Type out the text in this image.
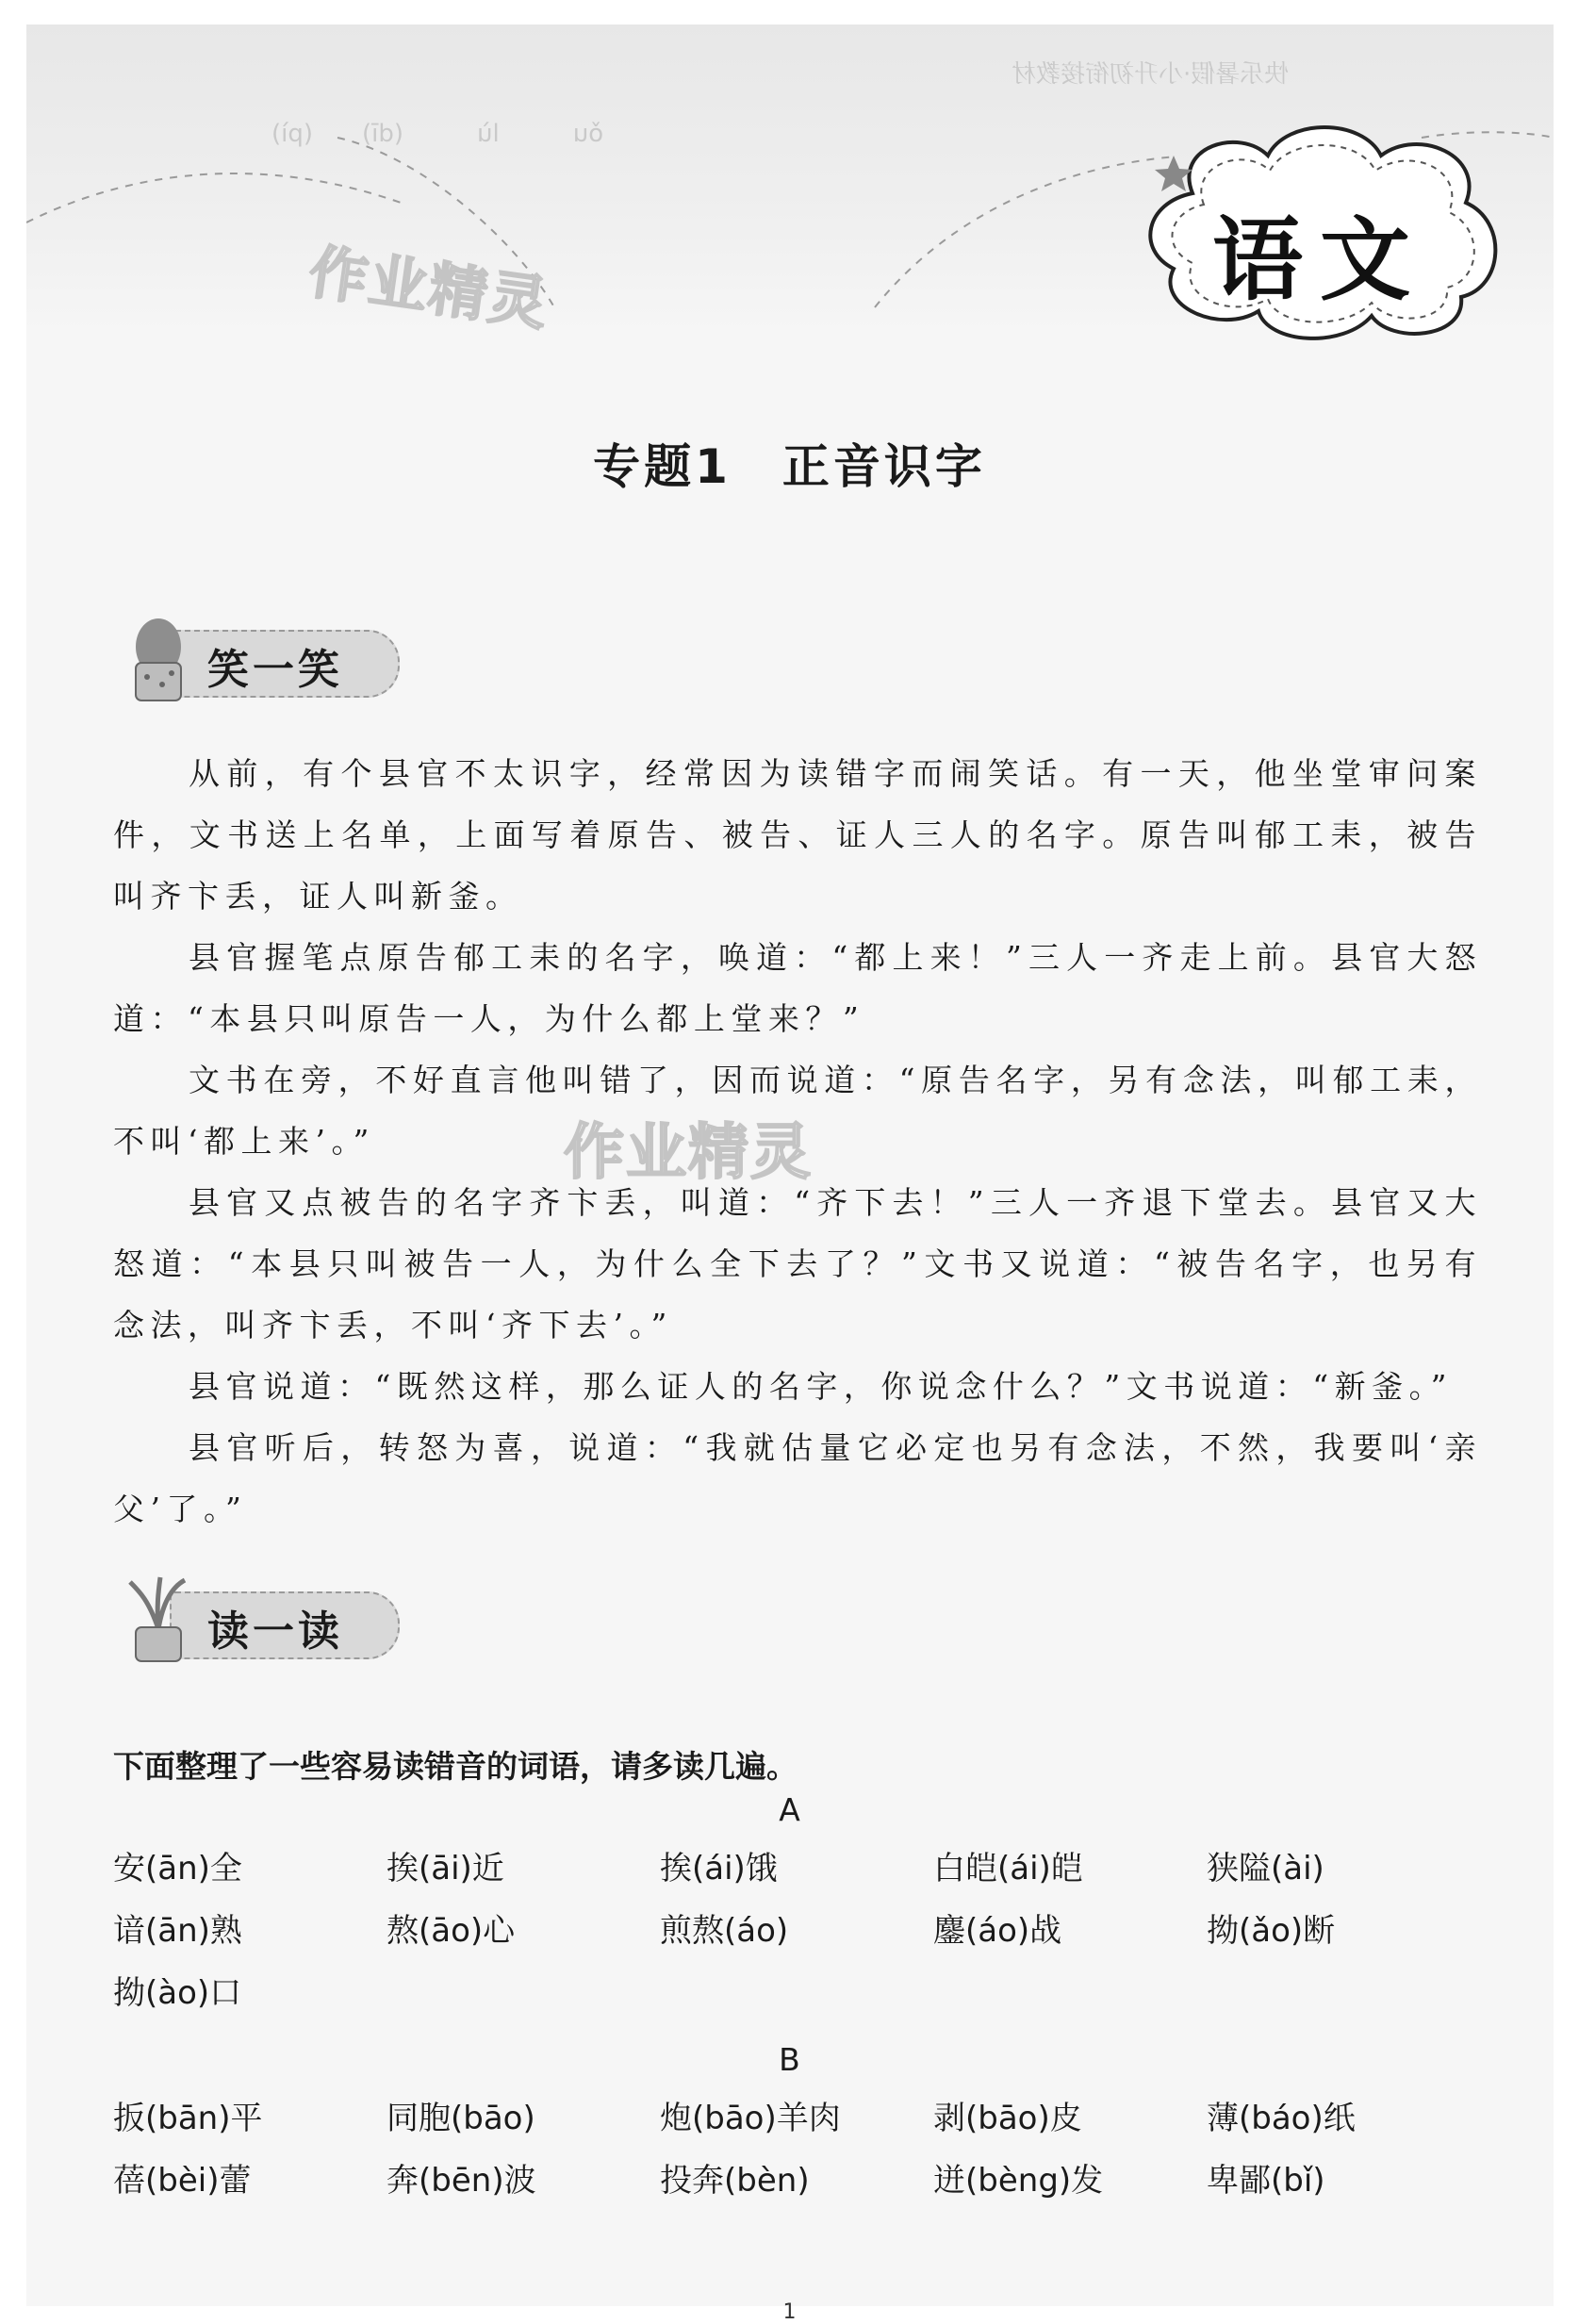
快乐暑假·小升初衔接教材
ǒu　　　lù　　　(dī)　　(pì)
作业精灵
作业精灵
语文
专题1　正音识字
笑一笑

从前，有个县官不太识字，经常因为读错字而闹笑话。有一天，他坐堂审问案件，文书送上名单，上面写着原告、被告、证人三人的名字。原告叫郁工耒，被告叫齐卞丢，证人叫新釜。

县官握笔点原告郁工耒的名字，唤道：“都上来！”三人一齐走上前。县官大怒道：“本县只叫原告一人，为什么都上堂来？”

文书在旁，不好直言他叫错了，因而说道：“原告名字，另有念法，叫郁工耒，不叫‘都上来’。”

县官又点被告的名字齐卞丢，叫道：“齐下去！”三人一齐退下堂去。县官又大怒道：“本县只叫被告一人，为什么全下去了？”文书又说道：“被告名字，也另有念法，叫齐卞丢，不叫‘齐下去’。”

县官说道：“既然这样，那么证人的名字，你说念什么？”文书说道：“新釜。”

县官听后，转怒为喜，说道：“我就估量它必定也另有念法，不然，我要叫‘亲父’了。”

读一读
下面整理了一些容易读错音的词语，请多读几遍。
A
安(ān)全	挨(āi)近	挨(ái)饿	白皑(ái)皑	狭隘(ài)
谙(ān)熟	熬(āo)心	煎熬(áo)	鏖(áo)战	拗(ǎo)断
拗(ào)口
B
扳(bān)平	同胞(bāo)	炮(bāo)羊肉	剥(bāo)皮	薄(báo)纸
蓓(bèi)蕾	奔(bēn)波	投奔(bèn)	迸(bèng)发	卑鄙(bǐ)
1
